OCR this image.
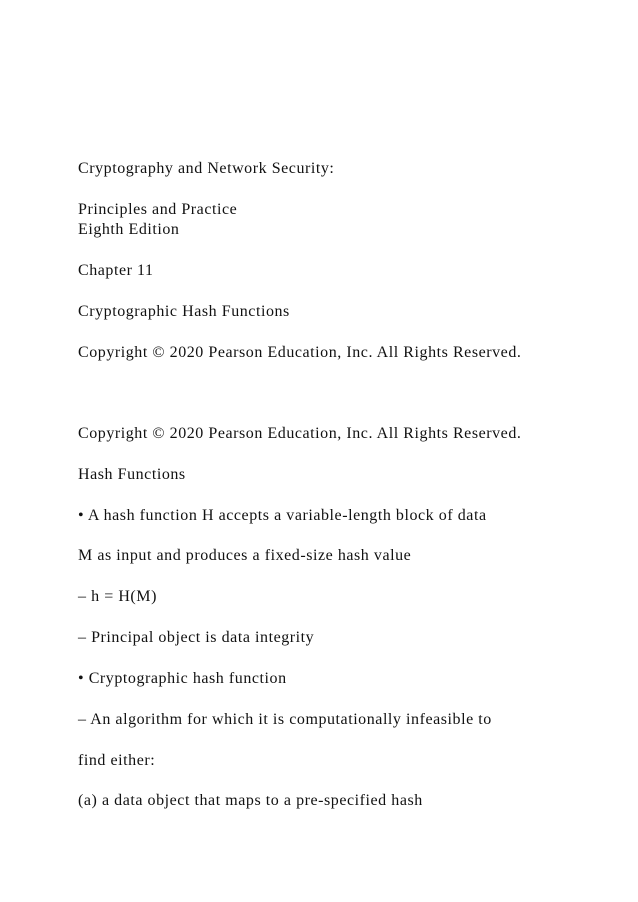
Cryptography and Network Security:
Principles and Practice
Eighth Edition
Chapter 11
Cryptographic Hash Functions
Copyright © 2020 Pearson Education, Inc. All Rights Reserved.
Copyright © 2020 Pearson Education, Inc. All Rights Reserved.
Hash Functions
• A hash function H accepts a variable-length block of data
M as input and produces a fixed-size hash value
– h = H(M)
– Principal object is data integrity
• Cryptographic hash function
– An algorithm for which it is computationally infeasible to
find either:
(a) a data object that maps to a pre-specified hash
